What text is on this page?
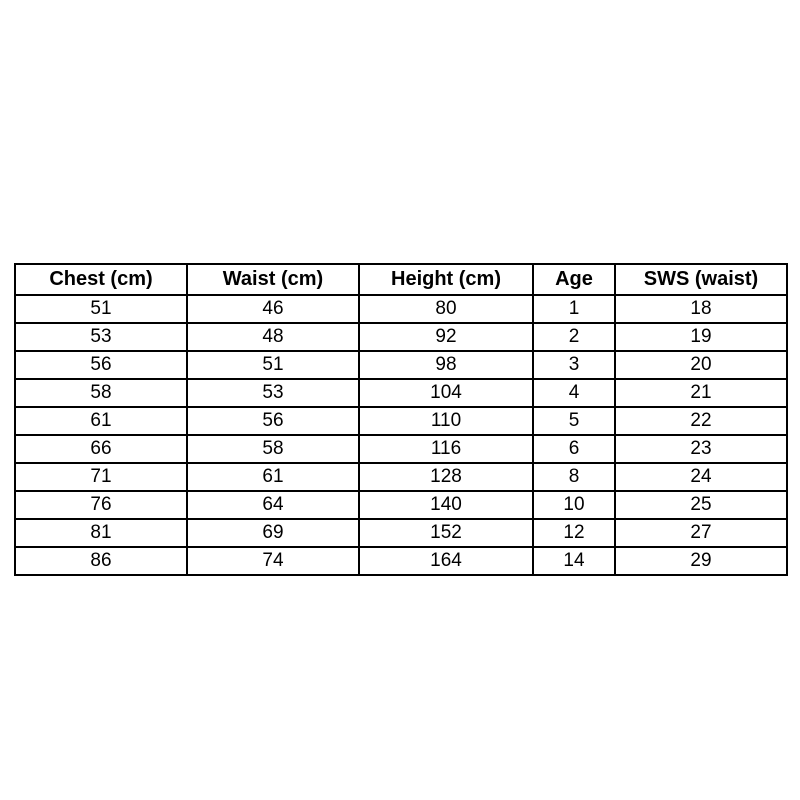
Chest (cm)	Waist (cm)	Height (cm)	Age	SWS (waist)
51	46	80	1	18
53	48	92	2	19
56	51	98	3	20
58	53	104	4	21
61	56	110	5	22
66	58	116	6	23
71	61	128	8	24
76	64	140	10	25
81	69	152	12	27
86	74	164	14	29
